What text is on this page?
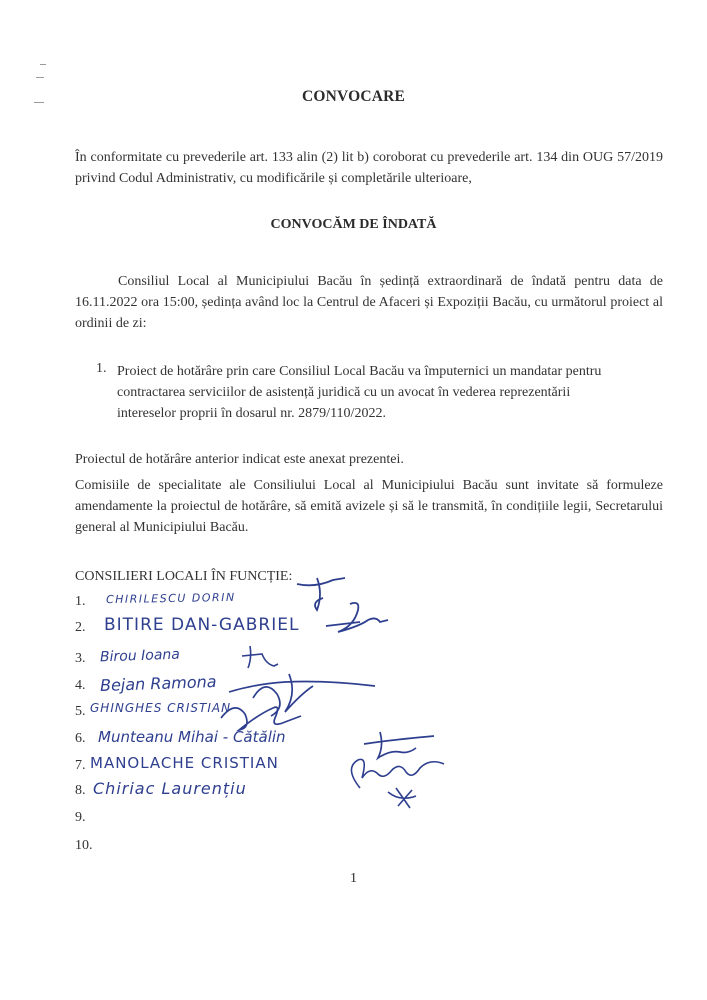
CONVOCARE
În conformitate cu prevederile art. 133 alin (2) lit b) coroborat cu prevederile art. 134 din OUG 57/2019 privind Codul Administrativ, cu modificările și completările ulterioare,
CONVOCĂM DE ÎNDATĂ
Consiliul Local al Municipiului Bacău în ședință extraordinară de îndată pentru data de 16.11.2022 ora 15:00, ședința având loc la Centrul de Afaceri și Expoziții Bacău, cu următorul proiect al ordinii de zi:
1. Proiect de hotărâre prin care Consiliul Local Bacău va împuternici un mandatar pentru contractarea serviciilor de asistență juridică cu un avocat în vederea reprezentării intereselor proprii în dosarul nr. 2879/110/2022.
Proiectul de hotărâre anterior indicat este anexat prezentei.
Comisiile de specialitate ale Consiliului Local al Municipiului Bacău sunt invitate să formuleze amendamente la proiectul de hotărâre, să emită avizele și să le transmită, în condițiile legii, Secretarului general al Municipiului Bacău.
CONSILIERI LOCALI ÎN FUNCȚIE:
1. CHIRILESCU DORIN
2. BITIRE DAN-GABRIEL
3. Birou Ioana
4. Bejan Ramona
5. GHINGHES CRISTIAN
6. Munteanu Mihai - Cătălin
7. MANOLACHE CRISTIAN
8. Chiriac Laurențiu
9.
10.
1
